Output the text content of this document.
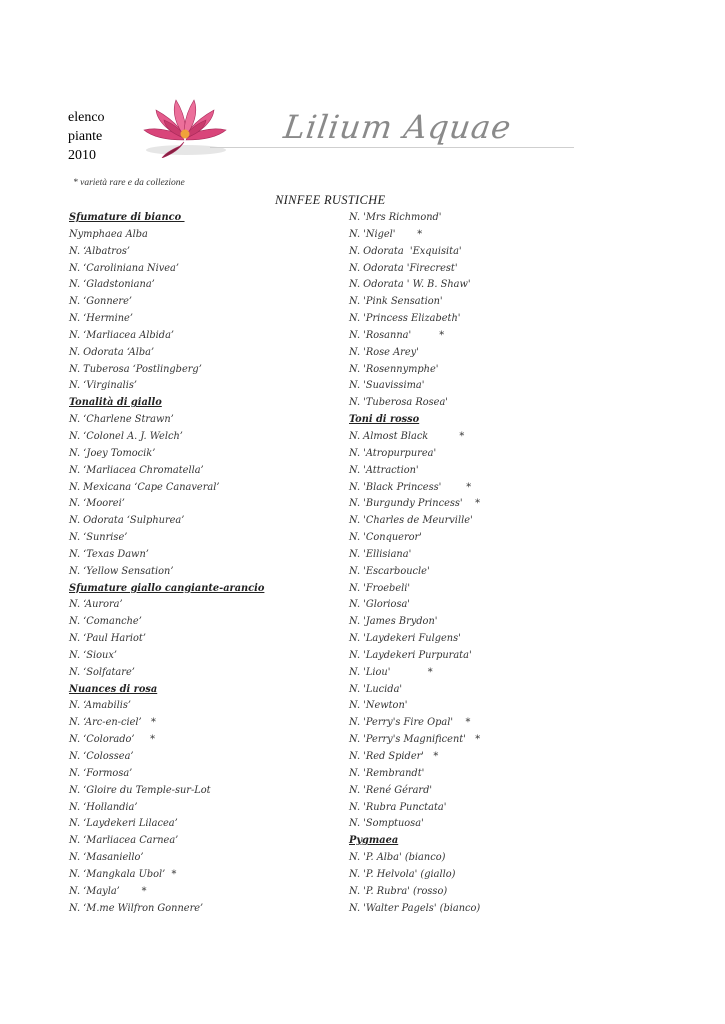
elenco
piante
2010
Lilium Aquae
* varietà rare e da collezione
NINFEE RUSTICHE
Sfumature di bianco
Nymphaea Alba
N. ‘Albatros’
N. ‘Caroliniana Nivea’
N. ‘Gladstoniana’
N. ‘Gonnere’
N. ‘Hermine’
N. ‘Marliacea Albida’
N. Odorata ‘Alba’
N. Tuberosa ‘Postlingberg’
N. ‘Virginalis’
Tonalità di giallo
N. ‘Charlene Strawn’
N. ‘Colonel A. J. Welch’
N. ‘Joey Tomocik’
N. ‘Marliacea Chromatella’
N. Mexicana ‘Cape Canaveral’
N. ‘Moorei’
N. Odorata ‘Sulphurea’
N. ‘Sunrise’
N. ‘Texas Dawn’
N. ‘Yellow Sensation’
Sfumature giallo cangiante-arancio
N. ‘Aurora’
N. ‘Comanche’
N. ‘Paul Hariot’
N. ‘Sioux’
N. ‘Solfatare’
Nuances di rosa
N. ‘Amabilis’
N. ‘Arc-en-ciel’   *
N. ‘Colorado’     *
N. ‘Colossea’
N. ‘Formosa’
N. ‘Gloire du Temple-sur-Lot
N. ‘Hollandia’
N. ‘Laydekeri Lilacea’
N. ‘Marliacea Carnea’
N. ‘Masaniello’
N. ‘Mangkala Ubol’  *
N. ‘Mayla’       *
N. ‘M.me Wilfron Gonnere’
N. 'Mrs Richmond'
N. 'Nigel'       *
N. Odorata  'Exquisita'
N. Odorata 'Firecrest'
N. Odorata ' W. B. Shaw'
N. 'Pink Sensation'
N. 'Princess Elizabeth'
N. 'Rosanna'         *
N. 'Rose Arey'
N. 'Rosennymphe'
N. 'Suavissima'
N. 'Tuberosa Rosea'
Toni di rosso
N. Almost Black          *
N. 'Atropurpurea'
N. 'Attraction'
N. 'Black Princess'        *
N. 'Burgundy Princess'    *
N. 'Charles de Meurville'
N. 'Conqueror'
N. 'Ellisiana'
N. 'Escarboucle'
N. 'Froebeli'
N. 'Gloriosa'
N. 'James Brydon'
N. 'Laydekeri Fulgens'
N. 'Laydekeri Purpurata'
N. 'Liou'            *
N. 'Lucida'
N. 'Newton'
N. 'Perry's Fire Opal'    *
N. 'Perry's Magnificent'   *
N. 'Red Spider'   *
N. 'Rembrandt'
N. 'René Gérard'
N. 'Rubra Punctata'
N. 'Somptuosa'
Pygmaea
N. 'P. Alba' (bianco)
N. 'P. Helvola' (giallo)
N. 'P. Rubra' (rosso)
N. 'Walter Pagels' (bianco)
